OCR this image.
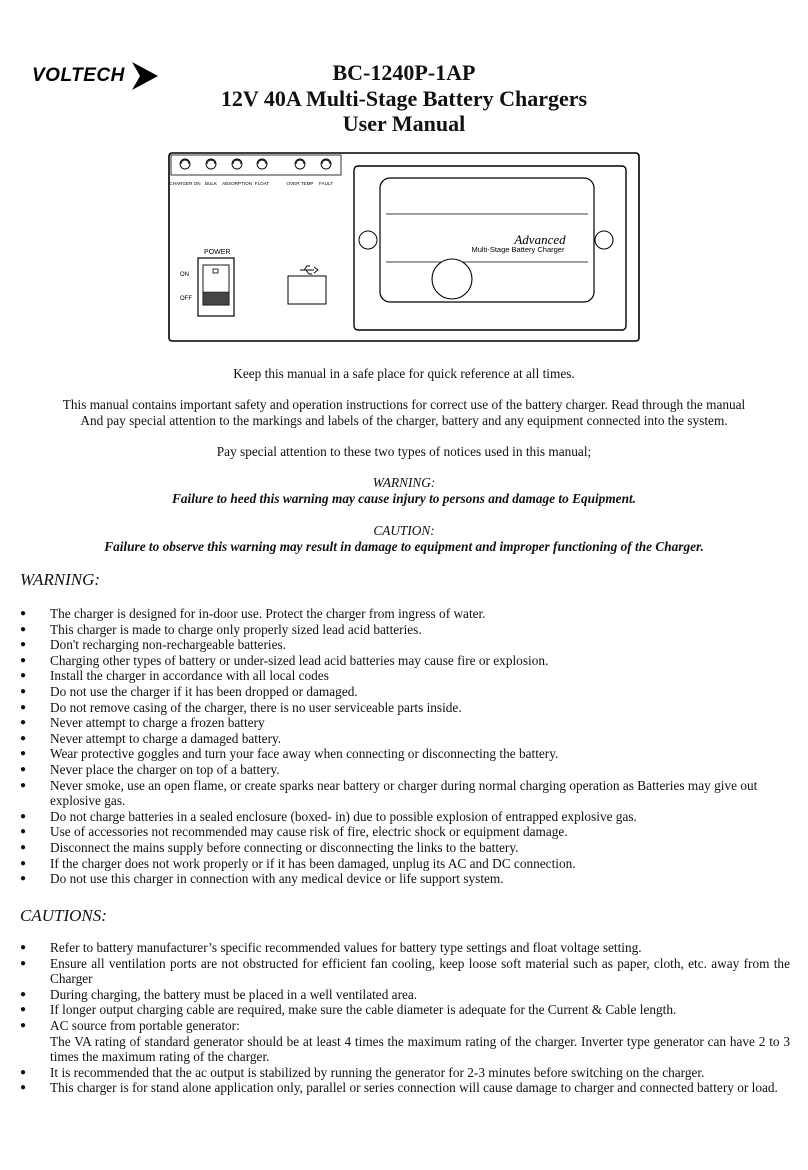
VOLTECH	BC-1240P-1AP
12V 40A Multi-Stage Battery Chargers
User Manual
CHARGER ON BULK ABSORPTION FLOAT	OVER TEMP FAULT
POWER
ON
OFF
Advanced
Multi-Stage Battery Charger
Keep this manual in a safe place for quick reference at all times.
This manual contains important safety and operation instructions for correct use of the battery charger. Read through the manual
And pay special attention to the markings and labels of the charger, battery and any equipment connected into the system.
Pay special attention to these two types of notices used in this manual;
WARNING:
Failure to heed this warning may cause injury to persons and damage to Equipment.
CAUTION:
Failure to observe this warning may result in damage to equipment and improper functioning of the Charger.
WARNING:
● The charger is designed for in-door use. Protect the charger from ingress of water.
● This charger is made to charge only properly sized lead acid batteries.
● Don't recharging non-rechargeable batteries.
● Charging other types of battery or under-sized lead acid batteries may cause fire or explosion.
● Install the charger in accordance with all local codes
● Do not use the charger if it has been dropped or damaged.
● Do not remove casing of the charger, there is no user serviceable parts inside.
● Never attempt to charge a frozen battery
● Never attempt to charge a damaged battery.
● Wear protective goggles and turn your face away when connecting or disconnecting the battery.
● Never place the charger on top of a battery.
● Never smoke, use an open flame, or create sparks near battery or charger during normal charging operation as Batteries may give out explosive gas.
● Do not charge batteries in a sealed enclosure (boxed- in) due to possible explosion of entrapped explosive gas.
● Use of accessories not recommended may cause risk of fire, electric shock or equipment damage.
● Disconnect the mains supply before connecting or disconnecting the links to the battery.
● If the charger does not work properly or if it has been damaged, unplug its AC and DC connection.
● Do not use this charger in connection with any medical device or life support system.
CAUTIONS:
● Refer to battery manufacturer’s specific recommended values for battery type settings and float voltage setting.
● Ensure all ventilation ports are not obstructed for efficient fan cooling, keep loose soft material such as paper, cloth, etc. away from the Charger
● During charging, the battery must be placed in a well ventilated area.
● If longer output charging cable are required, make sure the cable diameter is adequate for the Current & Cable length.
● AC source from portable generator:
The VA rating of standard generator should be at least 4 times the maximum rating of the charger. Inverter type generator can have 2 to 3 times the maximum rating of the charger.
● It is recommended that the ac output is stabilized by running the generator for 2-3 minutes before switching on the charger.
● This charger is for stand alone application only, parallel or series connection will cause damage to charger and connected battery or load.
